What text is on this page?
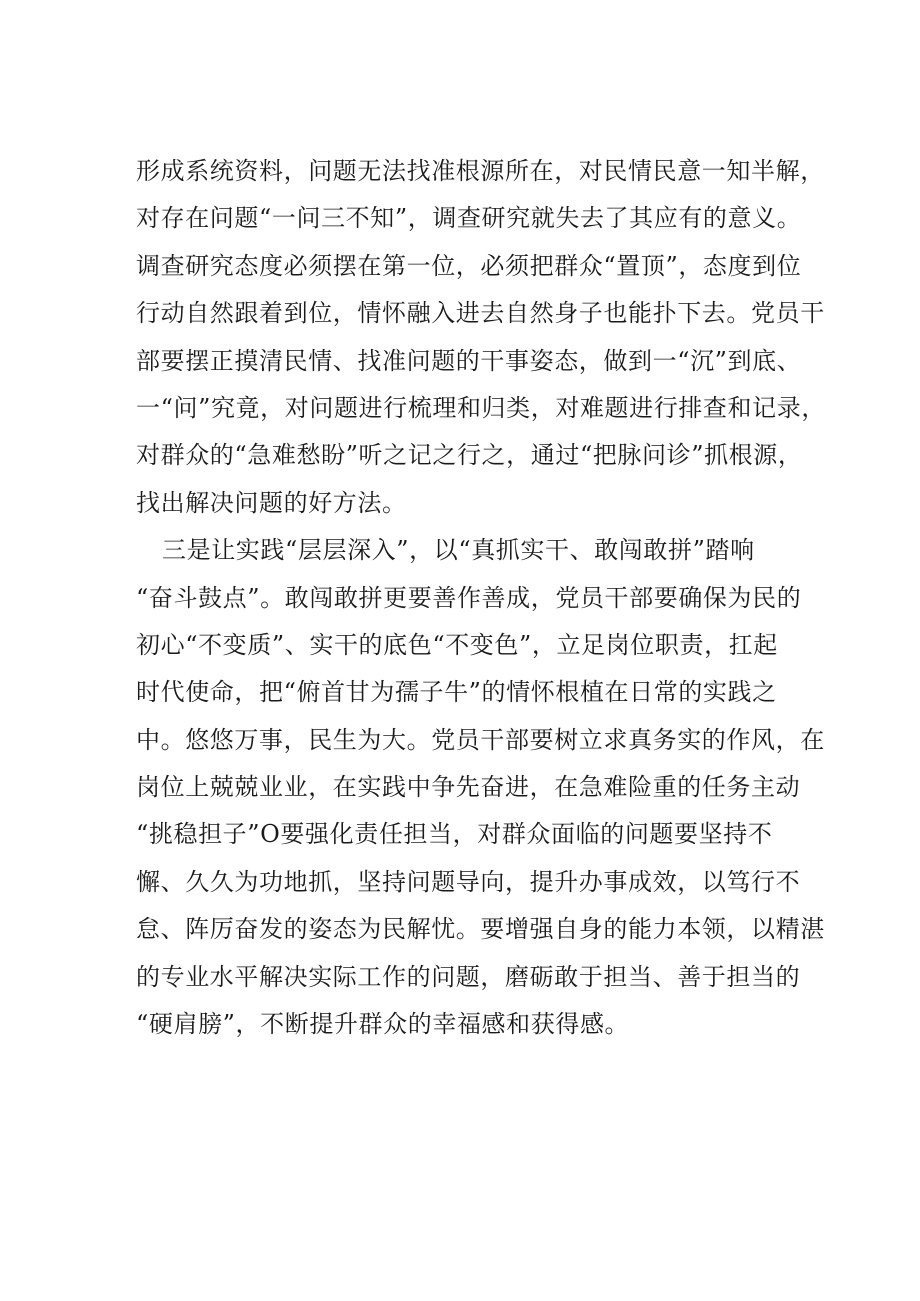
形成系统资料，问题无法找准根源所在，对民情民意一知半解，
对存在问题“一问三不知”，调查研究就失去了其应有的意义。
调查研究态度必须摆在第一位，必须把群众“置顶”，态度到位
行动自然跟着到位，情怀融入进去自然身子也能扑下去。党员干
部要摆正摸清民情、找准问题的干事姿态，做到一“沉”到底、
一“问”究竟，对问题进行梳理和归类，对难题进行排查和记录，
对群众的“急难愁盼”听之记之行之，通过“把脉问诊”抓根源，
找出解决问题的好方法。
三是让实践“层层深入”，以“真抓实干、敢闯敢拼”踏响
“奋斗鼓点”。敢闯敢拼更要善作善成，党员干部要确保为民的
初心“不变质”、实干的底色“不变色”，立足岗位职责，扛起
时代使命，把“俯首甘为孺子牛”的情怀根植在日常的实践之
中。悠悠万事，民生为大。党员干部要树立求真务实的作风，在
岗位上兢兢业业，在实践中争先奋进，在急难险重的任务主动
“挑稳担子”O要强化责任担当，对群众面临的问题要坚持不
懈、久久为功地抓，坚持问题导向，提升办事成效，以笃行不
怠、阵厉奋发的姿态为民解忧。要增强自身的能力本领，以精湛
的专业水平解决实际工作的问题，磨砺敢于担当、善于担当的
“硬肩膀”，不断提升群众的幸福感和获得感。
